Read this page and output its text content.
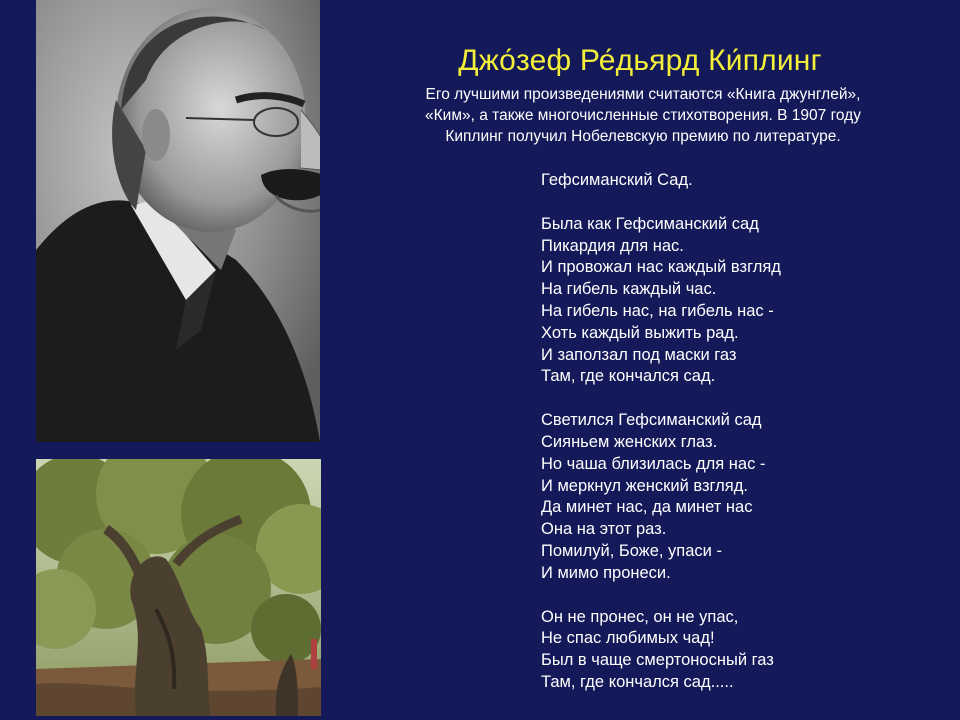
Джо́зеф Ре́дьярд Ки́плинг
Его лучшими произведениями считаются «Книга джунглей»,
«Ким», а также многочисленные стихотворения. В 1907 году
Киплинг получил Нобелевскую премию по литературе.
Гефсиманский Сад.
Была как Гефсиманский сад
Пикардия для нас.
И провожал нас каждый взгляд
На гибель каждый час.
На гибель нас, на гибель нас -
Хоть каждый выжить рад.
И заползал под маски газ
Там, где кончался сад.
Светился Гефсиманский сад
Сияньем женских глаз.
Но чаша близилась для нас -
И меркнул женский взгляд.
Да минет нас, да минет нас
Она на этот раз.
Помилуй, Боже, упаси -
И мимо пронеси.
Он не пронес, он не упас,
Не спас любимых чад!
Был в чаще смертоносный газ
Там, где кончался сад.....
